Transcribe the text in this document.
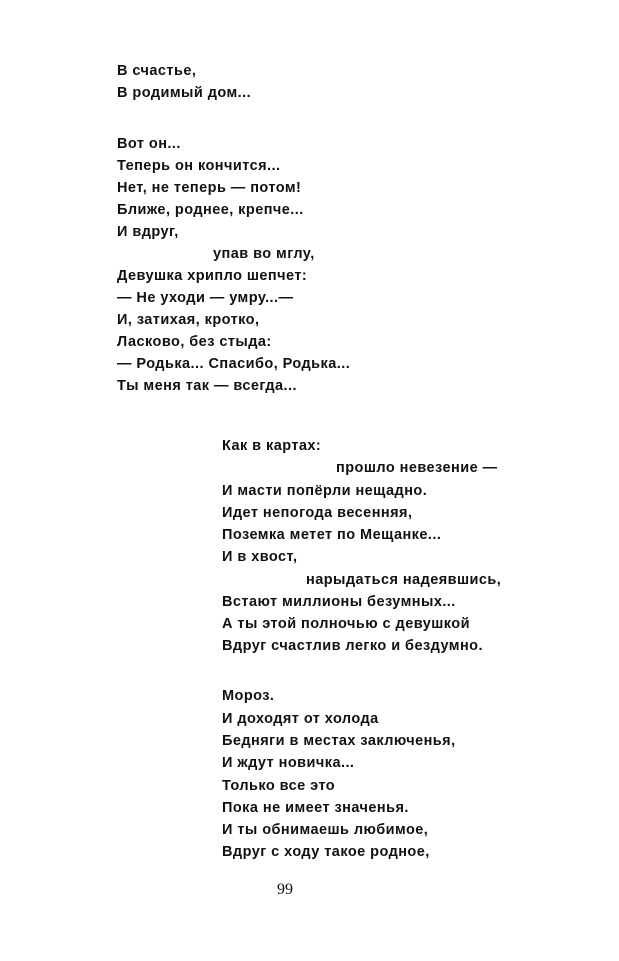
В счастье,
В родимый дом...
Вот он...
Теперь он кончится...
Нет, не теперь — потом!
Ближе, роднее, крепче...
И вдруг,
упав во мглу,
Девушка хрипло шепчет:
— Не уходи — умру...—
И, затихая, кротко,
Ласково, без стыда:
— Родька... Спасибо, Родька...
Ты меня так — всегда...
Как в картах:
прошло невезение —
И масти попёрли нещадно.
Идет непогода весенняя,
Поземка метет по Мещанке...
И в хвост,
нарыдаться надеявшись,
Встают миллионы безумных...
А ты этой полночью с девушкой
Вдруг счастлив легко и бездумно.
Мороз.
И доходят от холода
Бедняги в местах заключенья,
И ждут новичка...
Только все это
Пока не имеет значенья.
И ты обнимаешь любимое,
Вдруг с ходу такое родное,
99
